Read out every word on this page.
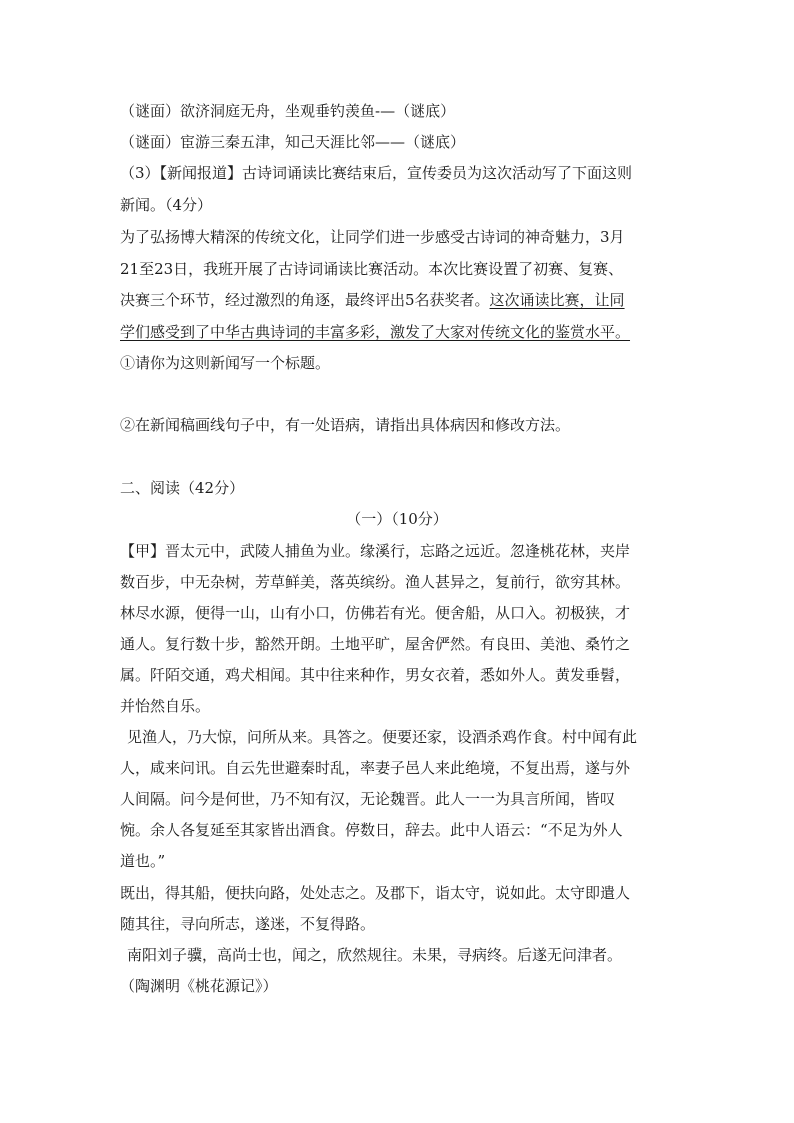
（谜面）欲济洞庭无舟，坐观垂钓羡鱼-—（谜底）
（谜面）宦游三秦五津，知己天涯比邻——（谜底）
（3）【新闻报道】古诗词诵读比赛结束后，宣传委员为这次活动写了下面这则
新闻。（4分）
为了弘扬博大精深的传统文化，让同学们进一步感受古诗词的神奇魅力，3月
21至23日，我班开展了古诗词诵读比赛活动。本次比赛设置了初赛、复赛、
决赛三个环节，经过激烈的角逐，最终评出5名获奖者。这次诵读比赛，让同
学们感受到了中华古典诗词的丰富多彩，激发了大家对传统文化的鉴赏水平。
①请你为这则新闻写一个标题。
②在新闻稿画线句子中，有一处语病，请指出具体病因和修改方法。
二、阅读（42分）
（一）（10分）
【甲】晋太元中，武陵人捕鱼为业。缘溪行，忘路之远近。忽逢桃花林，夹岸
数百步，中无杂树，芳草鲜美，落英缤纷。渔人甚异之，复前行，欲穷其林。
林尽水源，便得一山，山有小口，仿佛若有光。便舍船，从口入。初极狭，才
通人。复行数十步，豁然开朗。土地平旷，屋舍俨然。有良田、美池、桑竹之
属。阡陌交通，鸡犬相闻。其中往来种作，男女衣着，悉如外人。黄发垂髫，
并怡然自乐。
见渔人，乃大惊，问所从来。具答之。便要还家，设酒杀鸡作食。村中闻有此
人，咸来问讯。自云先世避秦时乱，率妻子邑人来此绝境，不复出焉，遂与外
人间隔。问今是何世，乃不知有汉，无论魏晋。此人一一为具言所闻，皆叹
惋。余人各复延至其家皆出酒食。停数日，辞去。此中人语云：“不足为外人
道也。”
既出，得其船，便扶向路，处处志之。及郡下，诣太守，说如此。太守即遣人
随其往，寻向所志，遂迷，不复得路。
南阳刘子骥，高尚士也，闻之，欣然规往。未果，寻病终。后遂无问津者。
（陶渊明《桃花源记》）
